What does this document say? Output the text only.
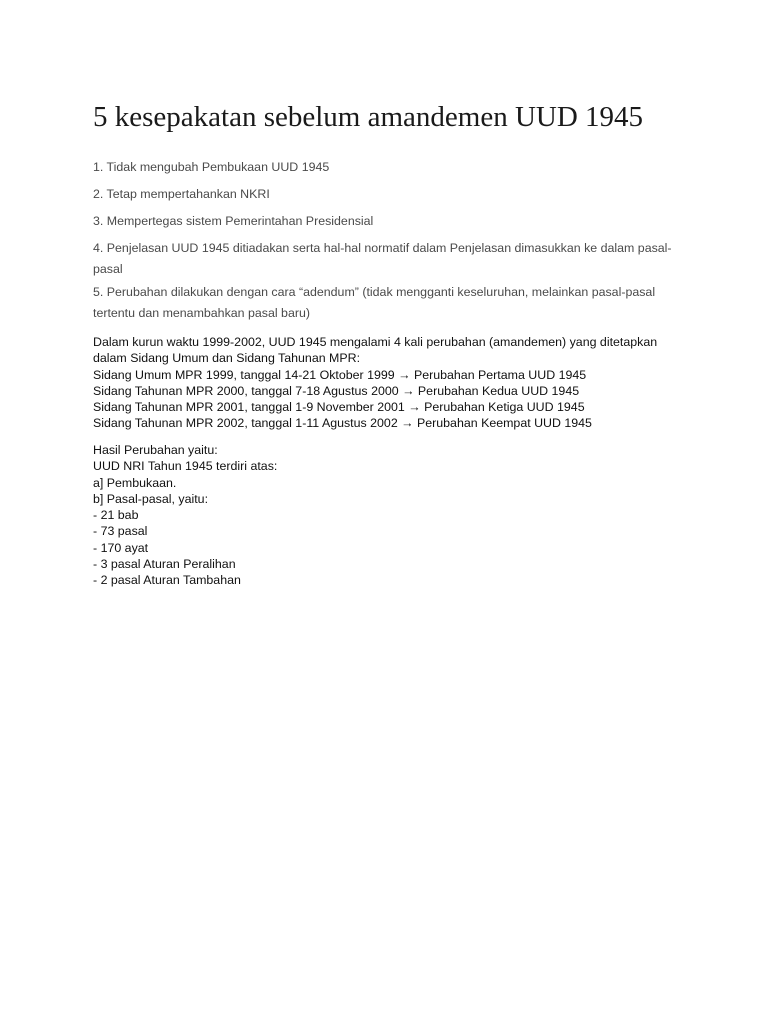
5 kesepakatan sebelum amandemen UUD 1945

1. Tidak mengubah Pembukaan UUD 1945

2. Tetap mempertahankan NKRI

3. Mempertegas sistem Pemerintahan Presidensial

4. Penjelasan UUD 1945 ditiadakan serta hal-hal normatif dalam Penjelasan dimasukkan ke dalam pasal-pasal

5. Perubahan dilakukan dengan cara “adendum” (tidak mengganti keseluruhan, melainkan pasal-pasal tertentu dan menambahkan pasal baru)

Dalam kurun waktu 1999-2002, UUD 1945 mengalami 4 kali perubahan (amandemen) yang ditetapkan dalam Sidang Umum dan Sidang Tahunan MPR:

Sidang Umum MPR 1999, tanggal 14-21 Oktober 1999 → Perubahan Pertama UUD 1945

Sidang Tahunan MPR 2000, tanggal 7-18 Agustus 2000 → Perubahan Kedua UUD 1945

Sidang Tahunan MPR 2001, tanggal 1-9 November 2001 → Perubahan Ketiga UUD 1945

Sidang Tahunan MPR 2002, tanggal 1-11 Agustus 2002 → Perubahan Keempat UUD 1945

Hasil Perubahan yaitu:

UUD NRI Tahun 1945 terdiri atas:

a] Pembukaan.

b] Pasal-pasal, yaitu:

- 21 bab

- 73 pasal

- 170 ayat

- 3 pasal Aturan Peralihan

- 2 pasal Aturan Tambahan
